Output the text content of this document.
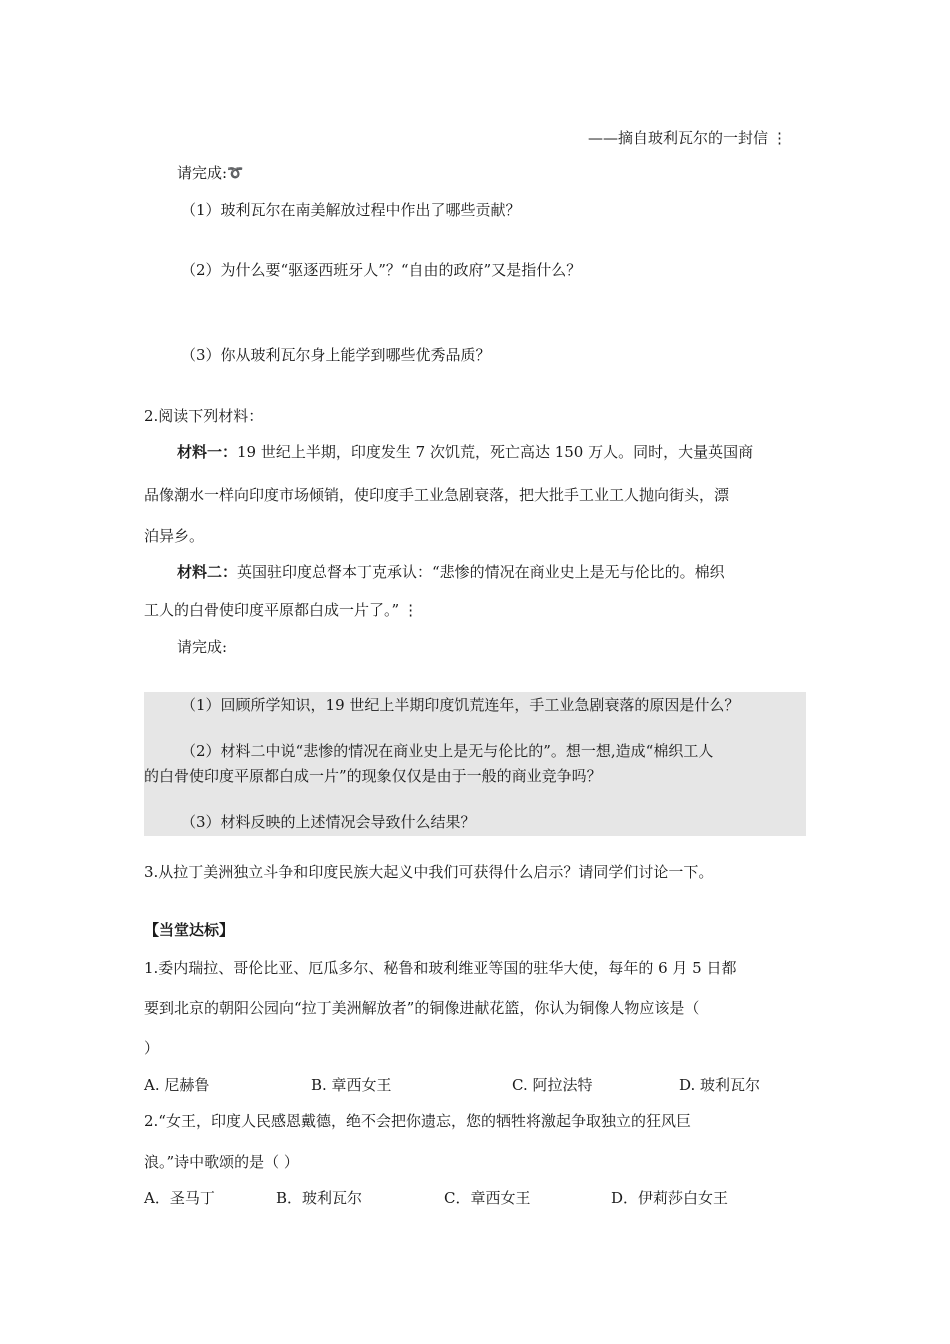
——摘自玻利瓦尔的一封信 ⋮
请完成:➰
（1）玻利瓦尔在南美解放过程中作出了哪些贡献？
（2）为什么要“驱逐西班牙人”？“自由的政府”又是指什么？
（3）你从玻利瓦尔身上能学到哪些优秀品质？
2.阅读下列材料：
材料一：19 世纪上半期，印度发生 7 次饥荒，死亡高达 150 万人。同时，大量英国商
品像潮水一样向印度市场倾销，使印度手工业急剧衰落，把大批手工业工人抛向街头，漂
泊异乡。
材料二：英国驻印度总督本丁克承认：“悲惨的情况在商业史上是无与伦比的。棉织
工人的白骨使印度平原都白成一片了。” ⋮
请完成:
（1）回顾所学知识，19 世纪上半期印度饥荒连年，手工业急剧衰落的原因是什么？
（2）材料二中说“悲惨的情况在商业史上是无与伦比的”。想一想,造成“棉织工人
的白骨使印度平原都白成一片”的现象仅仅是由于一般的商业竞争吗？
（3）材料反映的上述情况会导致什么结果？
3.从拉丁美洲独立斗争和印度民族大起义中我们可获得什么启示？请同学们讨论一下。
【当堂达标】
1.委内瑞拉、哥伦比亚、厄瓜多尔、秘鲁和玻利维亚等国的驻华大使，每年的 6 月 5 日都
要到北京的朝阳公园向“拉丁美洲解放者”的铜像进献花篮，你认为铜像人物应该是（
）
A. 尼赫鲁	B. 章西女王	C. 阿拉法特	D. 玻利瓦尔
2.“女王，印度人民感恩戴德，绝不会把你遗忘，您的牺牲将激起争取独立的狂风巨
浪。”诗中歌颂的是（ ）
A．圣马丁	B．玻利瓦尔	C．章西女王	D．伊莉莎白女王
